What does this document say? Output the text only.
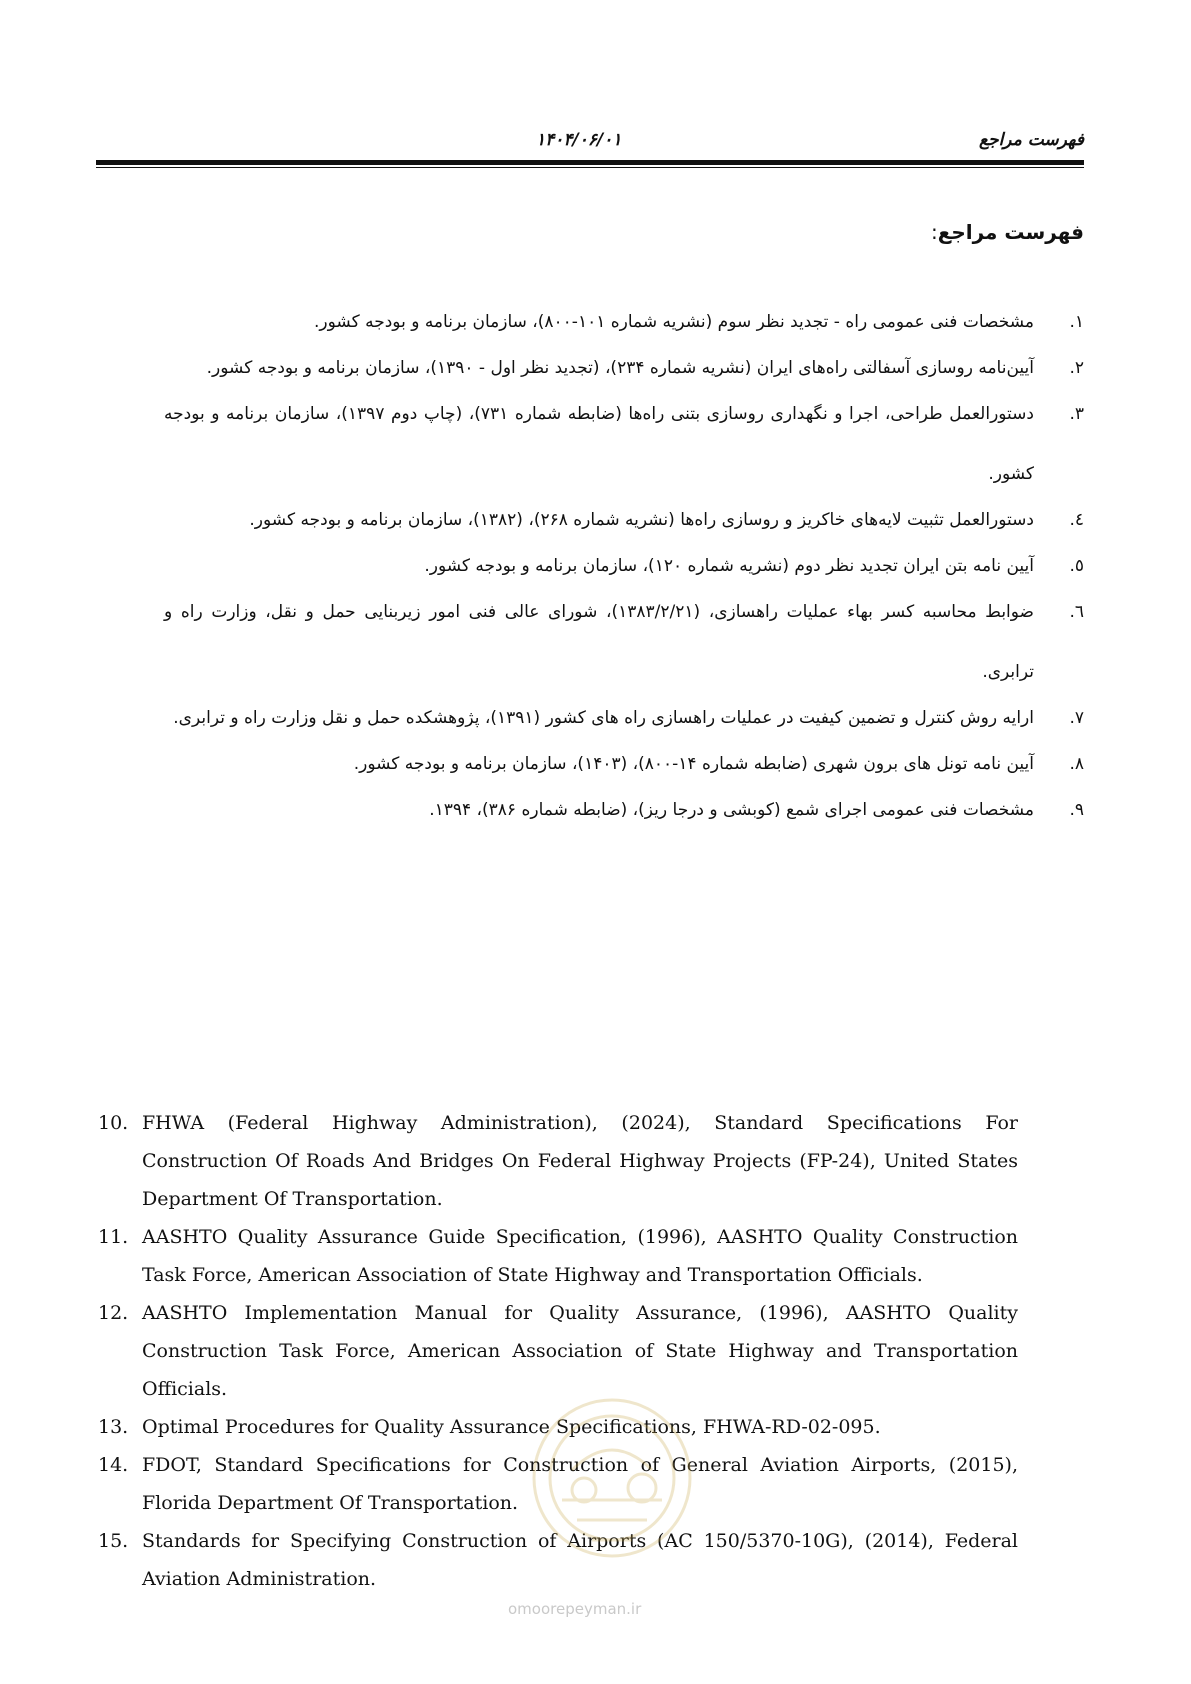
فهرست مراجع
۱۴۰۴/۰۶/۰۱
فهرست مراجع:
۱.
مشخصات فنی عمومی راه - تجدید نظر سوم (نشریه شماره ۱۰۱-۸۰۰)، سازمان برنامه و بودجه کشور.
۲.
آیین‌نامه روسازی آسفالتی راه‌های ایران (نشریه شماره ۲۳۴)، (تجدید نظر اول - ۱۳۹۰)، سازمان برنامه و بودجه کشور.
۳.
دستورالعمل طراحی، اجرا و نگهداری روسازی بتنی راه‌ها (ضابطه شماره ۷۳۱)، (چاپ دوم ۱۳۹۷)، سازمان برنامه و بودجه کشور.
٤.
دستورالعمل تثبیت لایه‌های خاکریز و روسازی راه‌ها (نشریه شماره ۲۶۸)، (۱۳۸۲)، سازمان برنامه و بودجه کشور.
٥.
آیین نامه بتن ایران تجدید نظر دوم (نشریه شماره ۱۲۰)، سازمان برنامه و بودجه کشور.
٦.
ضوابط محاسبه کسر بهاء عملیات راهسازی، (۱۳۸۳/۲/۲۱)، شورای عالی فنی امور زیربنایی حمل و نقل، وزارت راه و ترابری.
۷.
ارایه روش کنترل و تضمین کیفیت در عملیات راهسازی راه های کشور (۱۳۹۱)، پژوهشکده حمل و نقل وزارت راه و ترابری.
۸.
آیین نامه تونل های برون شهری (ضابطه شماره ۱۴-۸۰۰)، (۱۴۰۳)، سازمان برنامه و بودجه کشور.
۹.
مشخصات فنی عمومی اجرای شمع (کوبشی و درجا ریز)، (ضابطه شماره ۳۸۶)، ۱۳۹۴.
10. FHWA (Federal Highway Administration), (2024), Standard Specifications For Construction Of Roads And Bridges On Federal Highway Projects (FP-24), United States Department Of Transportation.
11. AASHTO Quality Assurance Guide Specification, (1996), AASHTO Quality Construction Task Force, American Association of State Highway and Transportation Officials.
12. AASHTO Implementation Manual for Quality Assurance, (1996), AASHTO Quality Construction Task Force, American Association of State Highway and Transportation Officials.
13. Optimal Procedures for Quality Assurance Specifications, FHWA-RD-02-095.
14. FDOT, Standard Specifications for Construction of General Aviation Airports, (2015), Florida Department Of Transportation.
15. Standards for Specifying Construction of Airports (AC 150/5370-10G), (2014), Federal Aviation Administration.
omoorepeyman.ir
